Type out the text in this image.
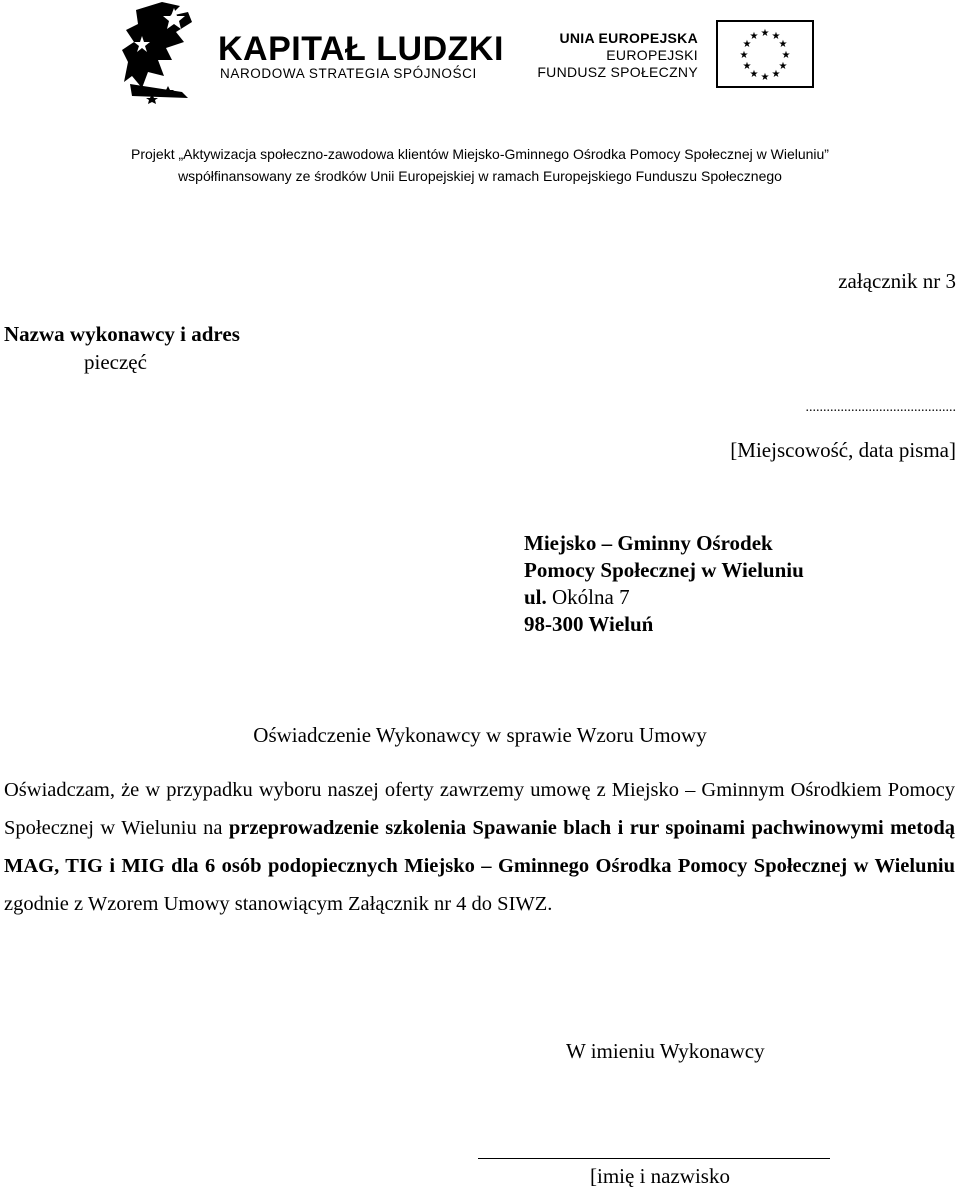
KAPITAŁ LUDZKI
NARODOWA STRATEGIA SPÓJNOŚCI
UNIA EUROPEJSKA
EUROPEJSKI
FUNDUSZ SPOŁECZNY
★ ★
★
★
★
★
★
★
★
★
★
★
Projekt „Aktywizacja społeczno-zawodowa klientów Miejsko-Gminnego Ośrodka Pomocy Społecznej w Wieluniu”
współfinansowany ze środków Unii Europejskiej w ramach Europejskiego Funduszu Społecznego
załącznik nr 3
Nazwa wykonawcy i adres
pieczęć
...........................................
[Miejscowość, data pisma]
Miejsko – Gminny Ośrodek
Pomocy Społecznej w Wieluniu
ul. Okólna 7
98-300 Wieluń
Oświadczenie Wykonawcy w sprawie Wzoru Umowy
Oświadczam, że w przypadku wyboru naszej oferty zawrzemy umowę z Miejsko – Gminnym Ośrodkiem Pomocy Społecznej w Wieluniu na przeprowadzenie szkolenia Spawanie blach i rur spoinami pachwinowymi metodą MAG, TIG i MIG dla 6 osób podopiecznych Miejsko – Gminnego Ośrodka Pomocy Społecznej w Wieluniu zgodnie z Wzorem Umowy stanowiącym Załącznik nr 4 do SIWZ.
W imieniu Wykonawcy
[imię i nazwisko
